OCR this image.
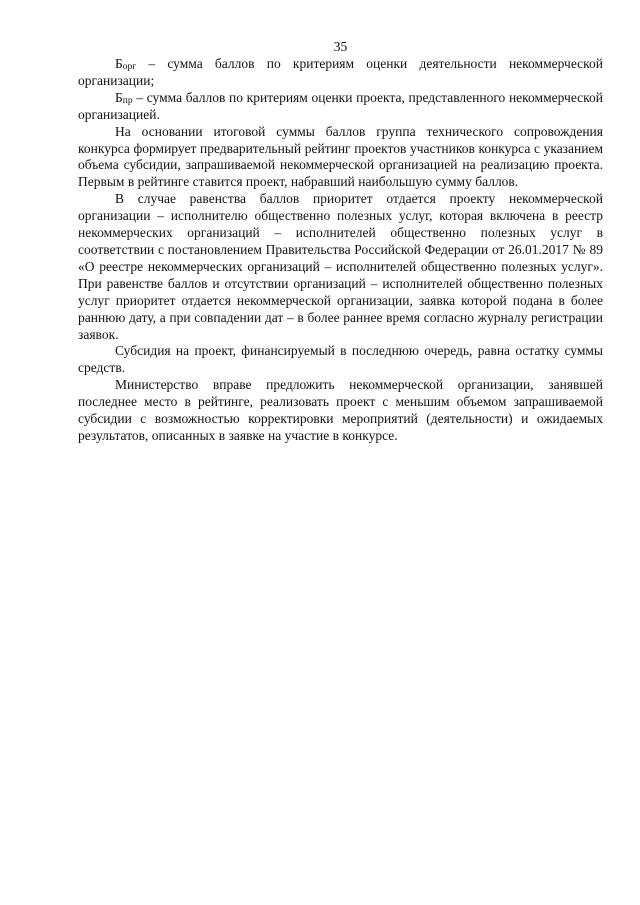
35

$Б_{орг}$ – сумма баллов по критериям оценки деятельности некоммерческой организации;

$Б_{пр}$ – сумма баллов по критериям оценки проекта, представленного некоммерческой организацией.

На основании итоговой суммы баллов группа технического сопровождения конкурса формирует предварительный рейтинг проектов участников конкурса с указанием объема субсидии, запрашиваемой некоммерческой организацией на реализацию проекта. Первым в рейтинге ставится проект, набравший наибольшую сумму баллов.

В случае равенства баллов приоритет отдается проекту некоммерческой организации – исполнителю общественно полезных услуг, которая включена в реестр некоммерческих организаций – исполнителей общественно полезных услуг в соответствии с постановлением Правительства Российской Федерации от 26.01.2017 № 89 «О реестре некоммерческих организаций – исполнителей общественно полезных услуг». При равенстве баллов и отсутствии организаций – исполнителей общественно полезных услуг приоритет отдается некоммерческой организации, заявка которой подана в более раннюю дату, а при совпадении дат – в более раннее время согласно журналу регистрации заявок.

Субсидия на проект, финансируемый в последнюю очередь, равна остатку суммы средств.

Министерство вправе предложить некоммерческой организации, занявшей последнее место в рейтинге, реализовать проект с меньшим объемом запрашиваемой субсидии с возможностью корректировки мероприятий (деятельности) и ожидаемых результатов, описанных в заявке на участие в конкурсе.
